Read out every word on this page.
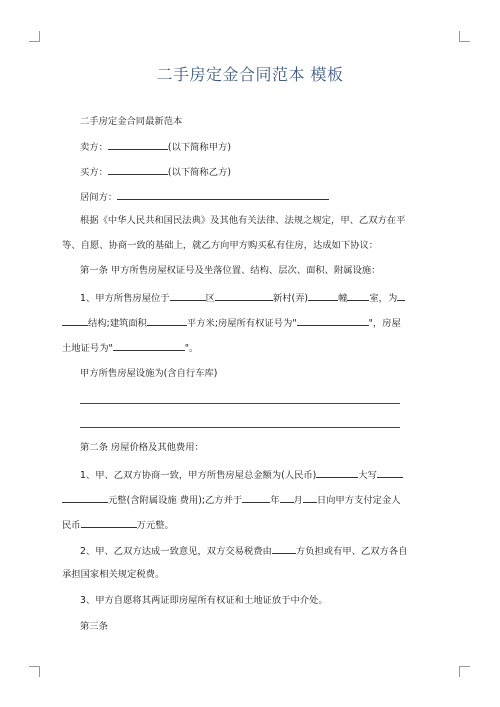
二手房定金合同范本 模板
二手房定金合同最新范本
卖方：	(以下简称甲方)
买方：	(以下简称乙方)
居间方：
根据《中华人民共和国民法典》及其他有关法律、法规之规定，甲、乙双方在平
等、自愿、协商一致的基础上，就乙方向甲方购买私有住房，达成如下协议：
第一条 甲方所售房屋权证号及坐落位置、结构、层次、面积、附属设施：
1、甲方所售房屋位于	区	新村(弄)	幢 室，为
结构;建筑面积	平方米;房屋所有权证号为"	"，房屋
土地证号为"	"。
甲方所售房屋设施为(含自行车库)
第二条 房屋价格及其他费用：
1、甲、乙双方协商一致，甲方所售房屋总金额为(人民币)	大写
元整(含附属设施 费用);乙方并于	年 月 日向甲方支付定金人
民币	万元整。
2、甲、乙双方达成一致意见，双方交易税费由	方负担或有甲、乙双方各自
承担国家相关规定税费。
3、甲方自愿将其两证即房屋所有权证和土地证放于中介处。
第三条
